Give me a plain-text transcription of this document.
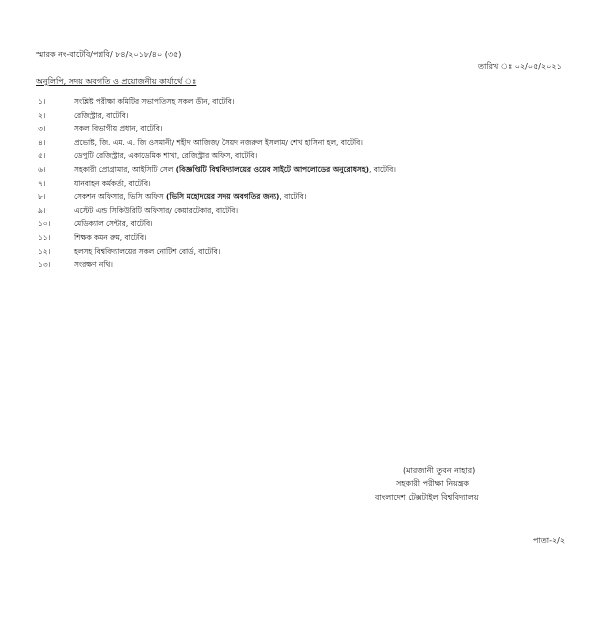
স্মারক নং-বাটেবি/পগ্নবি/ ৮৪/২০১৮/৪০ (৩৫)
তারিখ ঃ ০২/০৫/২০২১
অনুলিপি, সদয় অবগতি ও প্রয়োজনীয় কার্যার্থে ঃ
১।	সংশ্লিষ্ট পরীক্ষা কমিটির সভাপতিসহ সকল ডীন, বাটেবি।
২।	রেজিস্ট্রার, বাটেবি।
৩।	সকল বিভাগীয় প্রধান, বাটেবি।
৪।	প্রভোষ্ট, জি. এম. এ. জি ওসমানী/ শহীদ আজিজ/ সৈয়দ নজরুল ইসলাম/ শেখ হাসিনা হল, বাটেবি।
৫।	ডেপুটি রেজিস্ট্রার, একাডেমিক শাখা, রেজিস্ট্রার অফিস, বাটেবি।
৬।	সহকারী প্রোগ্রামার, আইসিটি সেল (বিজ্ঞপ্তিটি বিশ্ববিদ্যালয়ের ওয়েব সাইটে আপলোডের অনুরোধসহ), বাটেবি।
৭।	যানবাহন কর্মকর্তা, বাটেবি।
৮।	সেকশন অফিসার, ভিসি অফিস (ভিসি মহোদয়ের সদয় অবগতির জন্য), বাটেবি।
৯।	এস্টেট এন্ড সিকিউরিটি অফিসার/ কেয়ারটেকার, বাটেবি।
১০।	মেডিক্যাল সেন্টার, বাটেবি।
১১।	শিক্ষক কমন রুম, বাটেবি।
১২।	হলসহ বিশ্ববিদ্যালয়ের সকল নোটিশ বোর্ড, বাটেবি।
১৩।	সংরক্ষণ নথি।
(মারজানী তুবন নাহার)
সহকারী পরীক্ষা নিয়ন্ত্রক
বাংলাদেশ টেক্সটাইল বিশ্ববিদ্যালয়
পাতা-২/২
